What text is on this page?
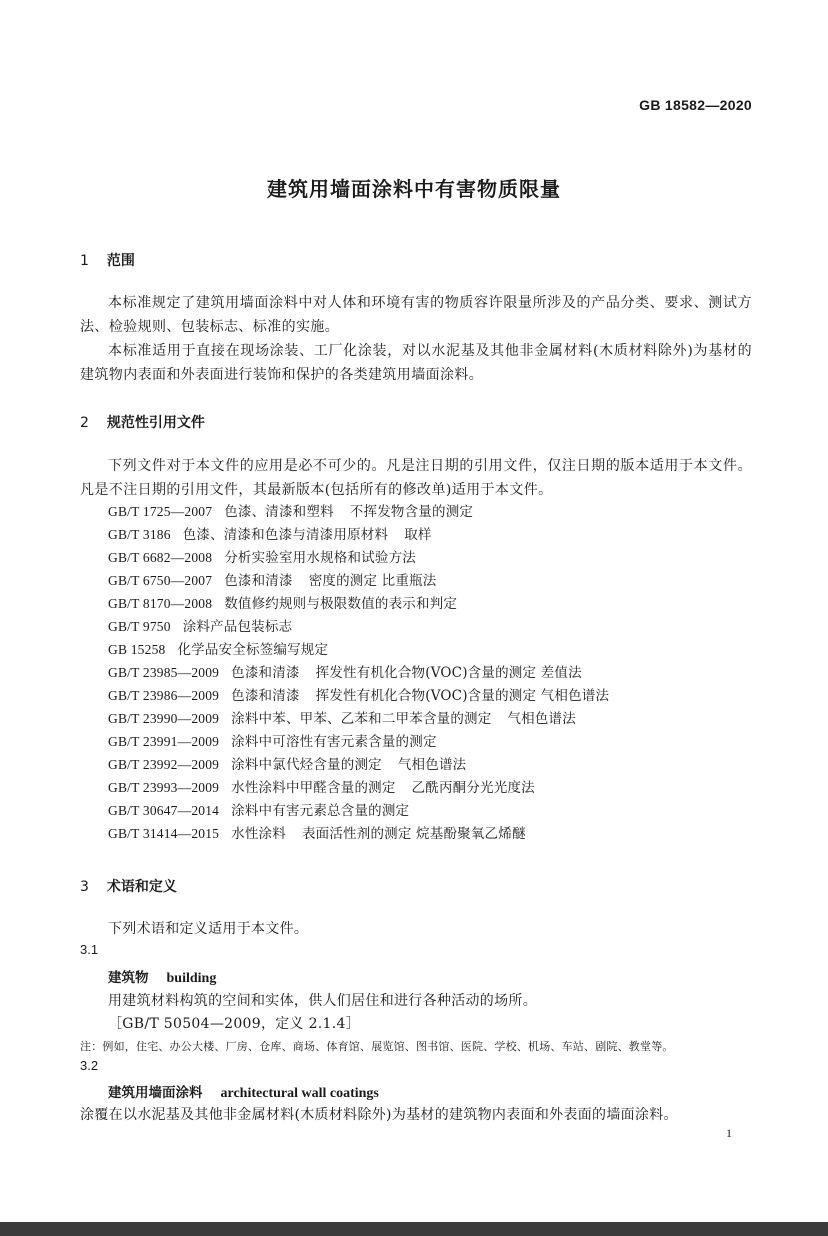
GB 18582—2020
建筑用墙面涂料中有害物质限量
1 范围
本标准规定了建筑用墙面涂料中对人体和环境有害的物质容许限量所涉及的产品分类、要求、测试方法、检验规则、包装标志、标准的实施。
本标准适用于直接在现场涂装、工厂化涂装，对以水泥基及其他非金属材料(木质材料除外)为基材的建筑物内表面和外表面进行装饰和保护的各类建筑用墙面涂料。
2 规范性引用文件
下列文件对于本文件的应用是必不可少的。凡是注日期的引用文件，仅注日期的版本适用于本文件。凡是不注日期的引用文件，其最新版本(包括所有的修改单)适用于本文件。
GB/T 1725—2007 色漆、清漆和塑料 不挥发物含量的测定
GB/T 3186 色漆、清漆和色漆与清漆用原材料 取样
GB/T 6682—2008 分析实验室用水规格和试验方法
GB/T 6750—2007 色漆和清漆 密度的测定 比重瓶法
GB/T 8170—2008 数值修约规则与极限数值的表示和判定
GB/T 9750 涂料产品包装标志
GB 15258 化学品安全标签编写规定
GB/T 23985—2009 色漆和清漆 挥发性有机化合物(VOC)含量的测定 差值法
GB/T 23986—2009 色漆和清漆 挥发性有机化合物(VOC)含量的测定 气相色谱法
GB/T 23990—2009 涂料中苯、甲苯、乙苯和二甲苯含量的测定 气相色谱法
GB/T 23991—2009 涂料中可溶性有害元素含量的测定
GB/T 23992—2009 涂料中氯代烃含量的测定 气相色谱法
GB/T 23993—2009 水性涂料中甲醛含量的测定 乙酰丙酮分光光度法
GB/T 30647—2014 涂料中有害元素总含量的测定
GB/T 31414—2015 水性涂料 表面活性剂的测定 烷基酚聚氧乙烯醚
3 术语和定义
下列术语和定义适用于本文件。
3.1
建筑物 building
用建筑材料构筑的空间和实体，供人们居住和进行各种活动的场所。
［GB/T 50504—2009，定义 2.1.4］
注：例如，住宅、办公大楼、厂房、仓库、商场、体育馆、展览馆、图书馆、医院、学校、机场、车站、剧院、教堂等。
3.2
建筑用墙面涂料 architectural wall coatings
涂覆在以水泥基及其他非金属材料(木质材料除外)为基材的建筑物内表面和外表面的墙面涂料。
1
